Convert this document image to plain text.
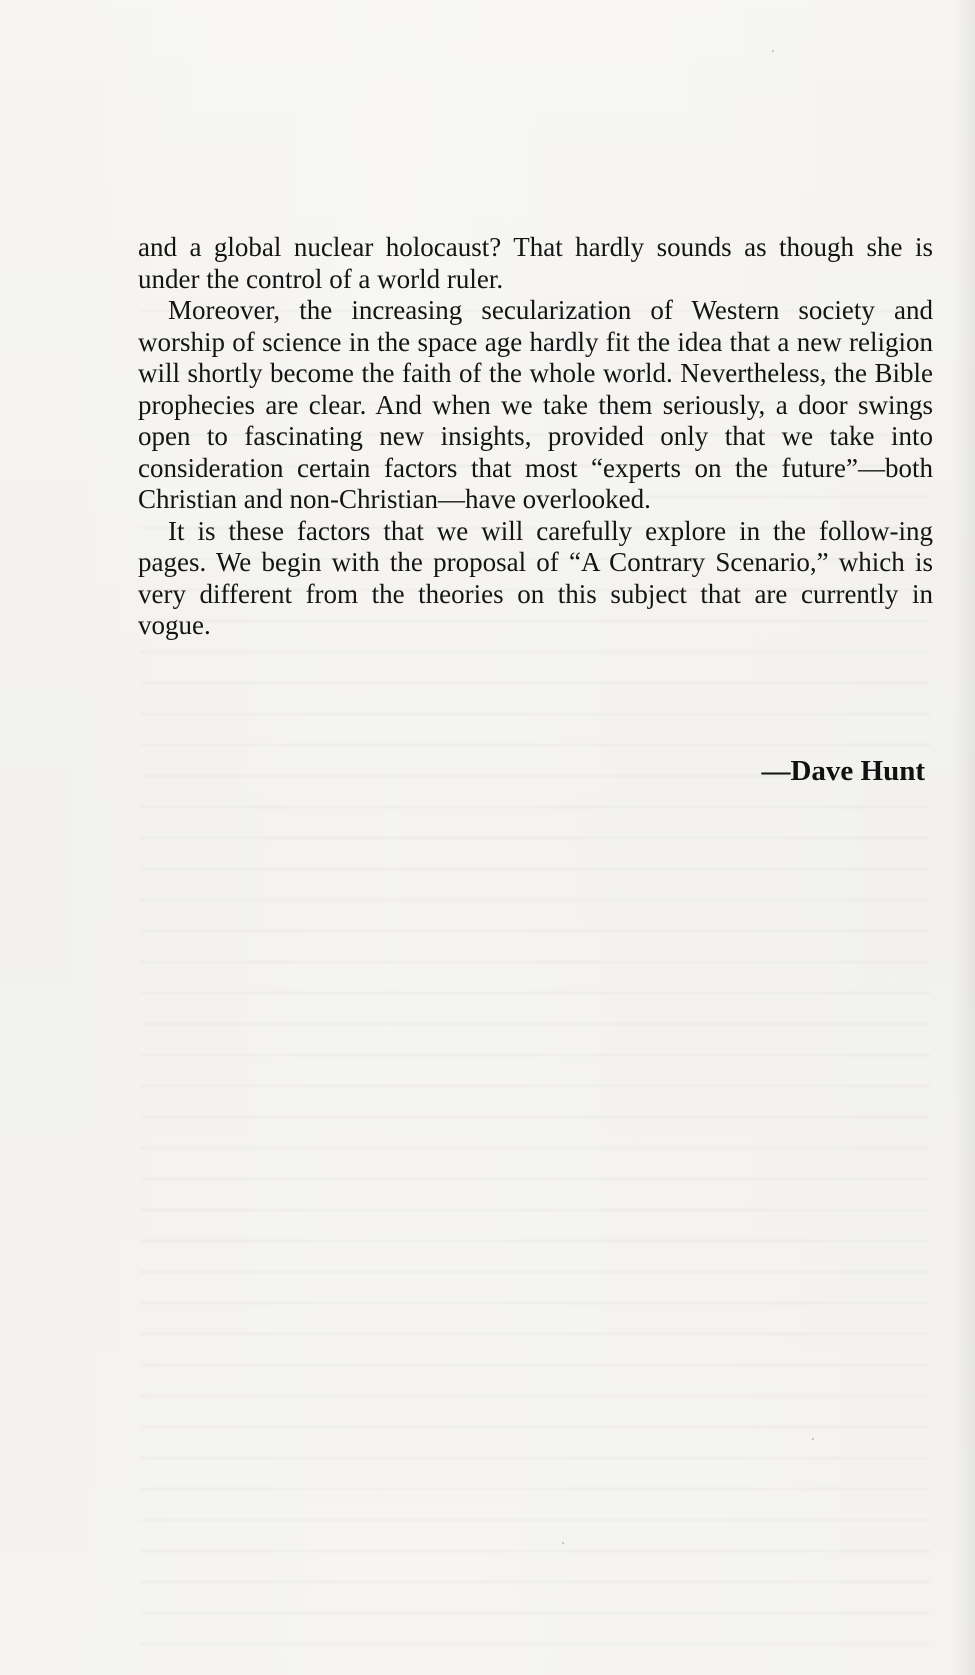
and a global nuclear holocaust? That hardly sounds as though she is under the control of a world ruler.

Moreover, the increasing secularization of Western society and worship of science in the space age hardly fit the idea that a new religion will shortly become the faith of the whole world. Nevertheless, the Bible prophecies are clear. And when we take them seriously, a door swings open to fascinating new insights, provided only that we take into consideration certain factors that most “experts on the future”—both Christian and non-Christian—have overlooked.

It is these factors that we will carefully explore in the follow-ing pages. We begin with the proposal of “A Contrary Scenario,” which is very different from the theories on this subject that are currently in vogue.

—Dave Hunt
